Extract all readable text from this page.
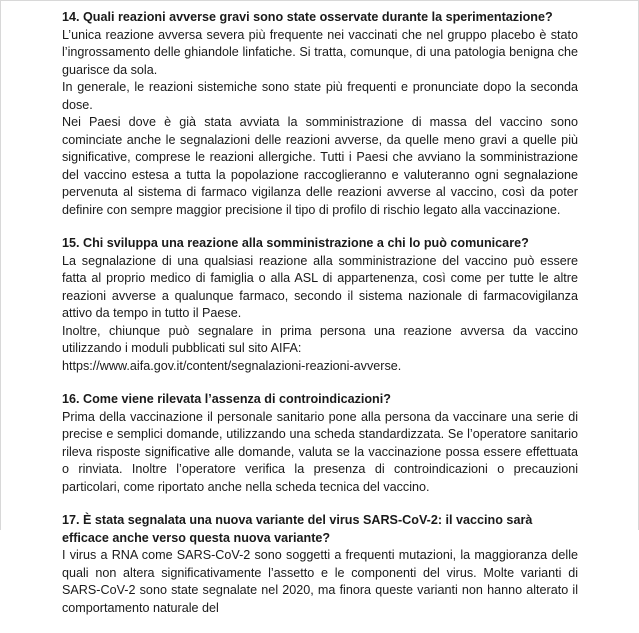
14. Quali reazioni avverse gravi sono state osservate durante la sperimentazione?

L’unica reazione avversa severa più frequente nei vaccinati che nel gruppo placebo è stato l’ingrossamento delle ghiandole linfatiche. Si tratta, comunque, di una patologia benigna che guarisce da sola.

In generale, le reazioni sistemiche sono state più frequenti e pronunciate dopo la seconda dose.

Nei Paesi dove è già stata avviata la somministrazione di massa del vaccino sono cominciate anche le segnalazioni delle reazioni avverse, da quelle meno gravi a quelle più significative, comprese le reazioni allergiche. Tutti i Paesi che avviano la somministrazione del vaccino estesa a tutta la popolazione raccoglieranno e valuteranno ogni segnalazione pervenuta al sistema di farmaco vigilanza delle reazioni avverse al vaccino, così da poter definire con sempre maggior precisione il tipo di profilo di rischio legato alla vaccinazione.

15. Chi sviluppa una reazione alla somministrazione a chi lo può comunicare?

La segnalazione di una qualsiasi reazione alla somministrazione del vaccino può essere fatta al proprio medico di famiglia o alla ASL di appartenenza, così come per tutte le altre reazioni avverse a qualunque farmaco, secondo il sistema nazionale di farmacovigilanza attivo da tempo in tutto il Paese.

Inoltre, chiunque può segnalare in prima persona una reazione avversa da vaccino utilizzando i moduli pubblicati sul sito AIFA:

https://www.aifa.gov.it/content/segnalazioni-reazioni-avverse.

16. Come viene rilevata l’assenza di controindicazioni?

Prima della vaccinazione il personale sanitario pone alla persona da vaccinare una serie di precise e semplici domande, utilizzando una scheda standardizzata. Se l’operatore sanitario rileva risposte significative alle domande, valuta se la vaccinazione possa essere effettuata o rinviata. Inoltre l’operatore verifica la presenza di controindicazioni o precauzioni particolari, come riportato anche nella scheda tecnica del vaccino.

17. È stata segnalata una nuova variante del virus SARS-CoV-2: il vaccino sarà efficace anche verso questa nuova variante?

I virus a RNA come SARS-CoV-2 sono soggetti a frequenti mutazioni, la maggioranza delle quali non altera significativamente l’assetto e le componenti del virus. Molte varianti di SARS-CoV-2 sono state segnalate nel 2020, ma finora queste varianti non hanno alterato il comportamento naturale del
